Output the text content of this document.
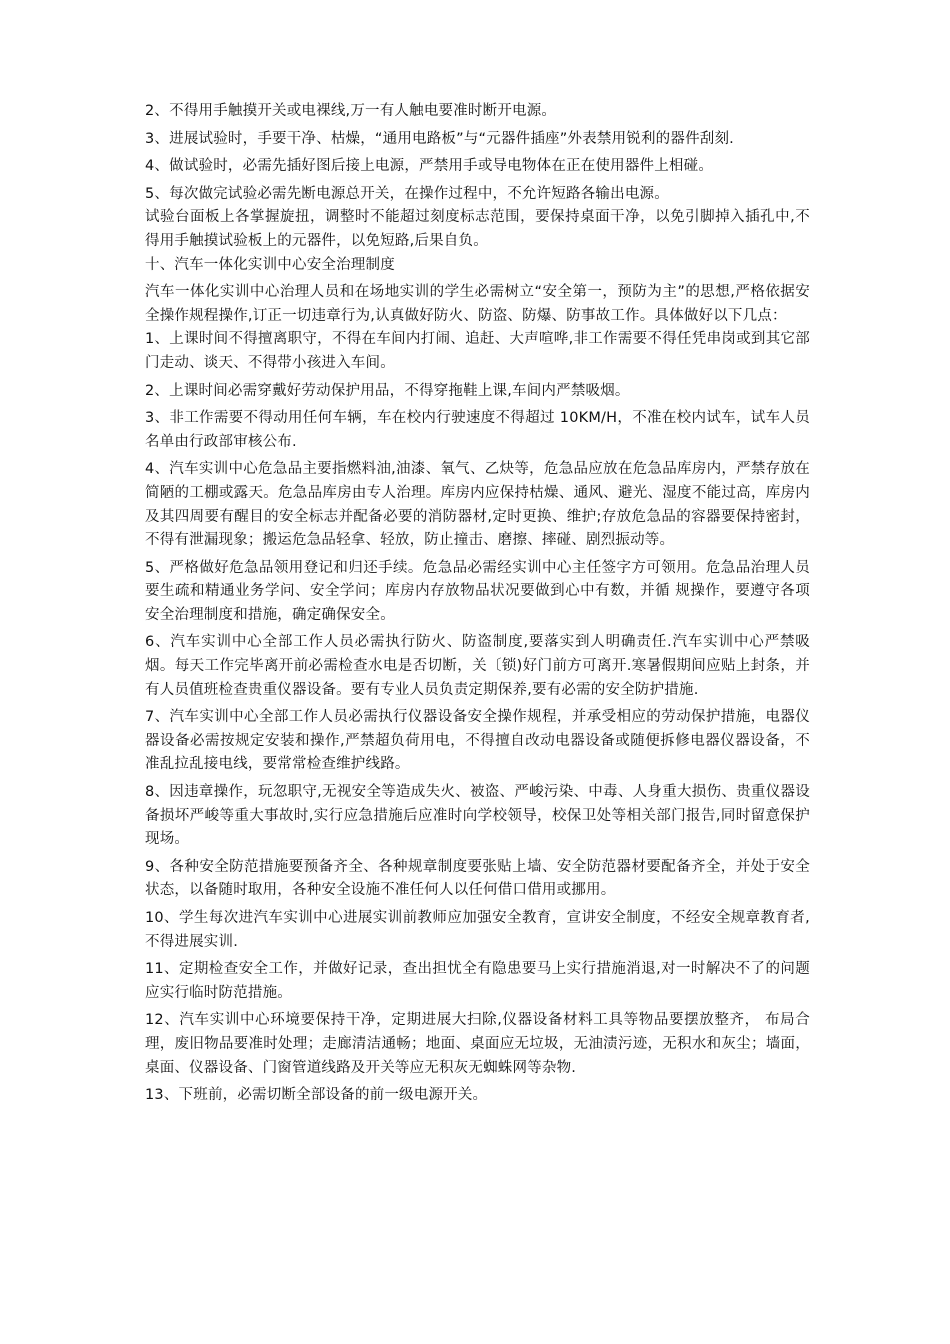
2、不得用手触摸开关或电裸线,万一有人触电要准时断开电源。

3、进展试验时，手要干净、枯燥，“通用电路板”与“元器件插座”外表禁用锐利的器件刮刻.

4、做试验时，必需先插好图后接上电源，严禁用手或导电物体在正在使用器件上相碰。

5、每次做完试验必需先断电源总开关，在操作过程中，不允许短路各输出电源。

试验台面板上各掌握旋扭，调整时不能超过刻度标志范围，要保持桌面干净，以免引脚掉入插孔中,不得用手触摸试验板上的元器件，以免短路,后果自负。

十、汽车一体化实训中心安全治理制度

汽车一体化实训中心治理人员和在场地实训的学生必需树立“安全第一，预防为主”的思想,严格依据安全操作规程操作,订正一切违章行为,认真做好防火、防盗、防爆、防事故工作。具体做好以下几点：

1、上课时间不得擅离职守，不得在车间内打闹、追赶、大声喧哗,非工作需要不得任凭串岗或到其它部门走动、谈天、不得带小孩进入车间。

2、上课时间必需穿戴好劳动保护用品，不得穿拖鞋上课,车间内严禁吸烟。

3、非工作需要不得动用任何车辆，车在校内行驶速度不得超过 10KM/H，不准在校内试车，试车人员名单由行政部审核公布.

4、汽车实训中心危急品主要指燃料油,油漆、氧气、乙炔等，危急品应放在危急品库房内，严禁存放在简陋的工棚或露天。危急品库房由专人治理。库房内应保持枯燥、通风、避光、湿度不能过高，库房内及其四周要有醒目的安全标志并配备必要的消防器材,定时更换、维护;存放危急品的容器要保持密封，不得有泄漏现象；搬运危急品轻拿、轻放，防止撞击、磨擦、摔碰、剧烈振动等。

5、严格做好危急品领用登记和归还手续。危急品必需经实训中心主任签字方可领用。危急品治理人员要生疏和精通业务学问、安全学问；库房内存放物品状况要做到心中有数，并循 规操作，要遵守各项安全治理制度和措施，确定确保安全。

6、汽车实训中心全部工作人员必需执行防火、防盗制度,要落实到人明确责任.汽车实训中心严禁吸烟。每天工作完毕离开前必需检查水电是否切断，关〔锁)好门前方可离开.寒暑假期间应贴上封条，并有人员值班检查贵重仪器设备。要有专业人员负责定期保养,要有必需的安全防护措施.

7、汽车实训中心全部工作人员必需执行仪器设备安全操作规程，并承受相应的劳动保护措施，电器仪器设备必需按规定安装和操作,严禁超负荷用电，不得擅自改动电器设备或随便拆修电器仪器设备，不准乱拉乱接电线，要常常检查维护线路。

8、因违章操作，玩忽职守,无视安全等造成失火、被盗、严峻污染、中毒、人身重大损伤、贵重仪器设备损坏严峻等重大事故时,实行应急措施后应准时向学校领导，校保卫处等相关部门报告,同时留意保护现场。

9、各种安全防范措施要预备齐全、各种规章制度要张贴上墙、安全防范器材要配备齐全，并处于安全状态，以备随时取用，各种安全设施不准任何人以任何借口借用或挪用。

10、学生每次进汽车实训中心进展实训前教师应加强安全教育，宣讲安全制度，不经安全规章教育者,不得进展实训.

11、定期检查安全工作，并做好记录，查出担忧全有隐患要马上实行措施消退,对一时解决不了的问题应实行临时防范措施。

12、汽车实训中心环境要保持干净，定期进展大扫除,仪器设备材料工具等物品要摆放整齐， 布局合理，废旧物品要准时处理；走廊清洁通畅；地面、桌面应无垃圾，无油渍污迹，无积水和灰尘；墙面，桌面、仪器设备、门窗管道线路及开关等应无积灰无蜘蛛网等杂物.

13、下班前，必需切断全部设备的前一级电源开关。
